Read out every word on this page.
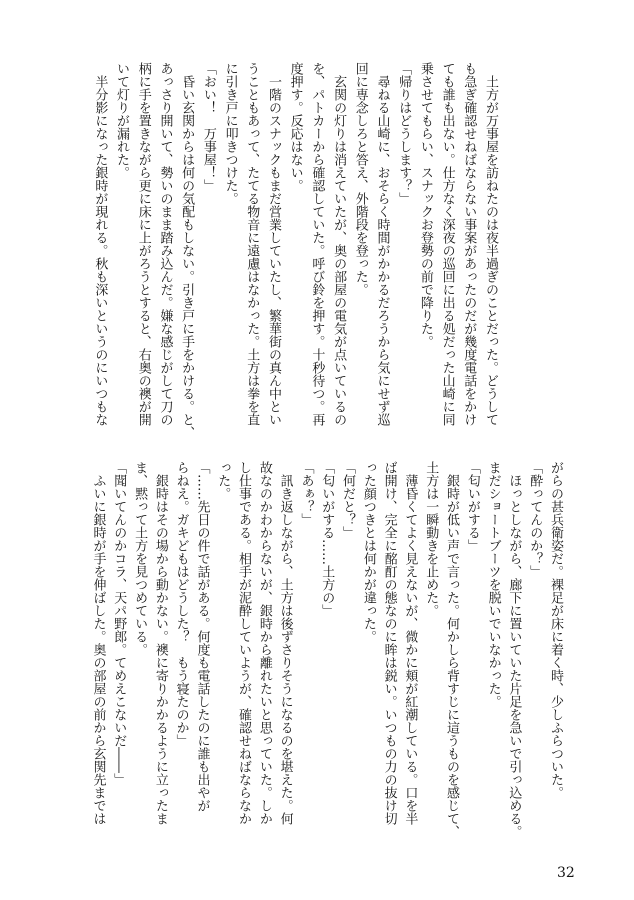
土方が万事屋を訪ねたのは夜半過ぎのことだった。どうして
も急ぎ確認せねばならない事案があったのだが幾度電話をかけ
ても誰も出ない。仕方なく深夜の巡回に出る処だった山崎に同
乗させてもらい、スナックお登勢の前で降りた。
「帰りはどうします？」
尋ねる山崎に、おそらく時間がかかるだろうから気にせず巡
回に専念しろと答え、外階段を登った。
玄関の灯りは消えていたが、奥の部屋の電気が点いているの
を、パトカーから確認していた。呼び鈴を押す。十秒待つ。再
度押す。反応はない。
一階のスナックもまだ営業していたし、繁華街の真ん中とい
うこともあって、たてる物音に遠慮はなかった。土方は拳を直
に引き戸に叩きつけた。
「おい！　万事屋！」
昏い玄関からは何の気配もしない。引き戸に手をかける。と、
あっさり開いて、勢いのまま踏み込んだ。嫌な感じがして刀の
柄に手を置きながら更に床に上がろうとすると、右奥の襖が開
いて灯りが漏れた。
半分影になった銀時が現れる。秋も深いというのにいつもな
がらの甚兵衛姿だ。裸足が床に着く時、少しふらついた。
「酔ってんのか？」
ほっとしながら、廊下に置いていた片足を急いで引っ込める。
まだショートブーツを脱いでいなかった。
「匂いがする」
銀時が低い声で言った。何かしら背すじに這うものを感じて、
土方は一瞬動きを止めた。
薄昏くてよく見えないが、微かに頬が紅潮している。口を半
ば開け、完全に酩酊の態なのに眸は鋭い。いつもの力の抜け切
った顔つきとは何かが違った。
「何だと？」
「匂いがする……土方の」
「あぁ？」
訊き返しながら、土方は後ずさりそうになるのを堪えた。何
故なのかわからないが、銀時から離れたいと思っていた。しか
し仕事である。相手が泥酔していようが、確認せねばならなか
った。
「……先日の件で話がある。何度も電話したのに誰も出やが
らねえ。ガキどもはどうした？　もう寝たのか」
銀時はその場から動かない。襖に寄りかかるように立ったま
ま、黙って土方を見つめている。
「聞いてんのかコラ、天パ野郎。てめえこないだ――」
ふいに銀時が手を伸ばした。奥の部屋の前から玄関先までは
32
